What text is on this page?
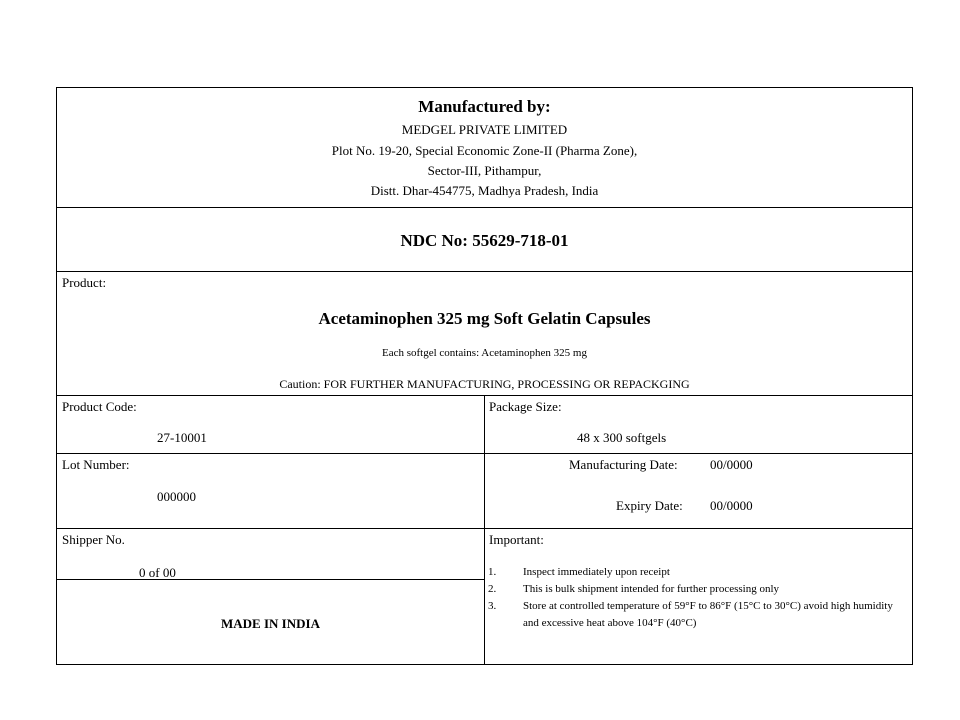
Manufactured by:
MEDGEL PRIVATE LIMITED
Plot No. 19-20, Special Economic Zone-II (Pharma Zone),
Sector-III, Pithampur,
Distt. Dhar-454775, Madhya Pradesh, India
NDC No: 55629-718-01
Product:
Acetaminophen 325 mg Soft Gelatin Capsules
Each softgel contains: Acetaminophen 325 mg
Caution: FOR FURTHER MANUFACTURING, PROCESSING OR REPACKGING
Product Code:
27-10001
Package Size:
48 x 300 softgels
Lot Number:
000000
Manufacturing Date: 00/0000
Expiry Date: 00/0000
Shipper No.
0 of 00
MADE IN INDIA
Important:
1. Inspect immediately upon receipt
2. This is bulk shipment intended for further processing only
3. Store at controlled temperature of 59°F to 86°F (15°C to 30°C) avoid high humidity and excessive heat above 104°F (40°C)
